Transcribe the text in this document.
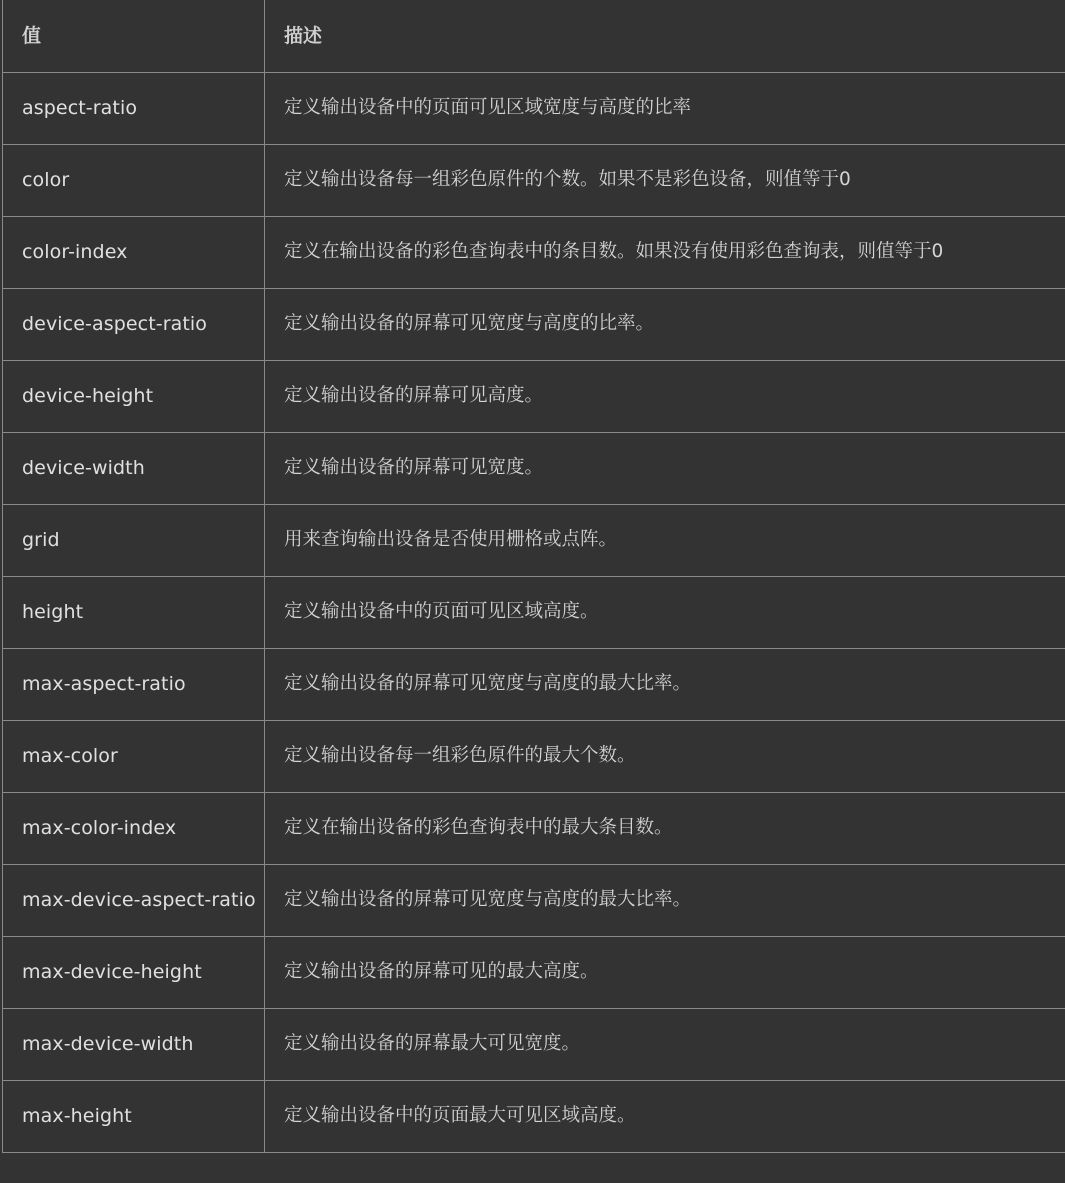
值	描述
aspect-ratio	定义输出设备中的页面可见区域宽度与高度的比率
color	定义输出设备每一组彩色原件的个数。如果不是彩色设备，则值等于0
color-index	定义在输出设备的彩色查询表中的条目数。如果没有使用彩色查询表，则值等于0
device-aspect-ratio	定义输出设备的屏幕可见宽度与高度的比率。
device-height	定义输出设备的屏幕可见高度。
device-width	定义输出设备的屏幕可见宽度。
grid	用来查询输出设备是否使用栅格或点阵。
height	定义输出设备中的页面可见区域高度。
max-aspect-ratio	定义输出设备的屏幕可见宽度与高度的最大比率。
max-color	定义输出设备每一组彩色原件的最大个数。
max-color-index	定义在输出设备的彩色查询表中的最大条目数。
max-device-aspect-ratio	定义输出设备的屏幕可见宽度与高度的最大比率。
max-device-height	定义输出设备的屏幕可见的最大高度。
max-device-width	定义输出设备的屏幕最大可见宽度。
max-height	定义输出设备中的页面最大可见区域高度。
